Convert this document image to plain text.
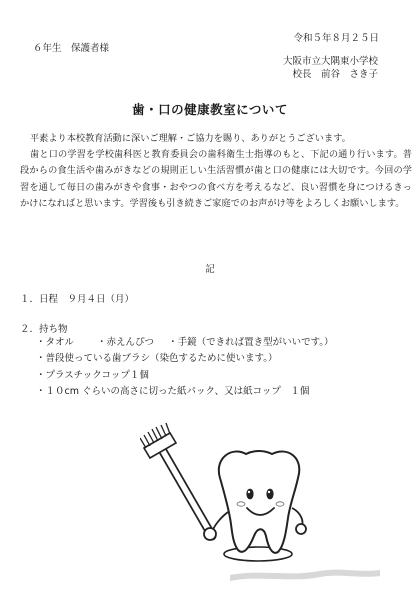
令和５年８月２５日
６年生　保護者様
大阪市立大隅東小学校
校長　前谷　さき子
歯・口の健康教室について

平素より本校教育活動に深いご理解・ご協力を賜り、ありがとうございます。

歯と口の学習を学校歯科医と教育委員会の歯科衛生士指導のもと、下記の通り行います。普段からの食生活や歯みがきなどの規則正しい生活習慣が歯と口の健康には大切です。今回の学習を通して毎日の歯みがきや食事・おやつの食べ方を考えるなど、良い習慣を身につけるきっかけになればと思います。学習後も引き続きご家庭でのお声がけ等をよろしくお願いします。

記
１．日程　９月４日（月）
２．持ち物
・タオル ・赤えんぴつ ・手鏡（できれば置き型がいいです。）
・普段使っている歯ブラシ（染色するために使います。）
・プラスチックコップ１個
・１０cm ぐらいの高さに切った紙パック、又は紙コップ　１個
